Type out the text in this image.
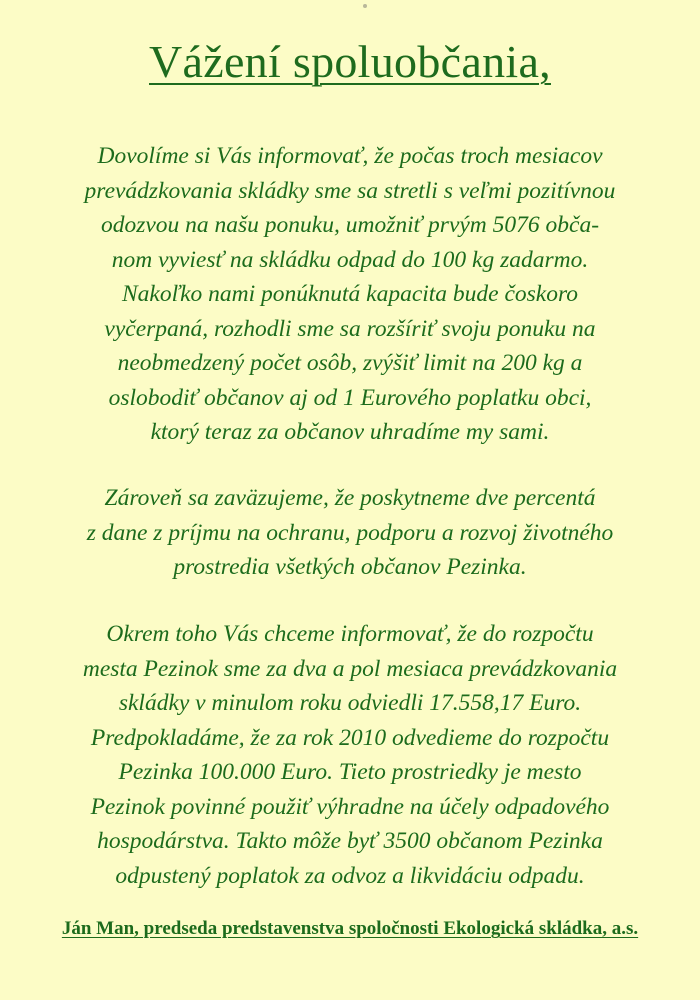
Vážení spoluobčania,
Dovolíme si Vás informovať, že počas troch mesiacov
prevádzkovania skládky sme sa stretli s veľmi pozitívnou
odozvou na našu ponuku, umožniť prvým 5076 obča-
nom vyviesť na skládku odpad do 100 kg zadarmo.
Nakoľko nami ponúknutá kapacita bude čoskoro
vyčerpaná, rozhodli sme sa rozšíriť svoju ponuku na
neobmedzený počet osôb, zvýšiť limit na 200 kg a
oslobodiť občanov aj od 1 Eurového poplatku obci,
ktorý teraz za občanov uhradíme my sami.
Zároveň sa zaväzujeme, že poskytneme dve percentá
z dane z príjmu na ochranu, podporu a rozvoj životného
prostredia všetkých občanov Pezinka.
Okrem toho Vás chceme informovať, že do rozpočtu
mesta Pezinok sme za dva a pol mesiaca prevádzkovania
skládky v minulom roku odviedli 17.558,17 Euro.
Predpokladáme, že za rok 2010 odvedieme do rozpočtu
Pezinka 100.000 Euro. Tieto prostriedky je mesto
Pezinok povinné použiť výhradne na účely odpadového
hospodárstva. Takto môže byť 3500 občanom Pezinka
odpustený poplatok za odvoz a likvidáciu odpadu.
Ján Man, predseda predstavenstva spoločnosti Ekologická skládka, a.s.
